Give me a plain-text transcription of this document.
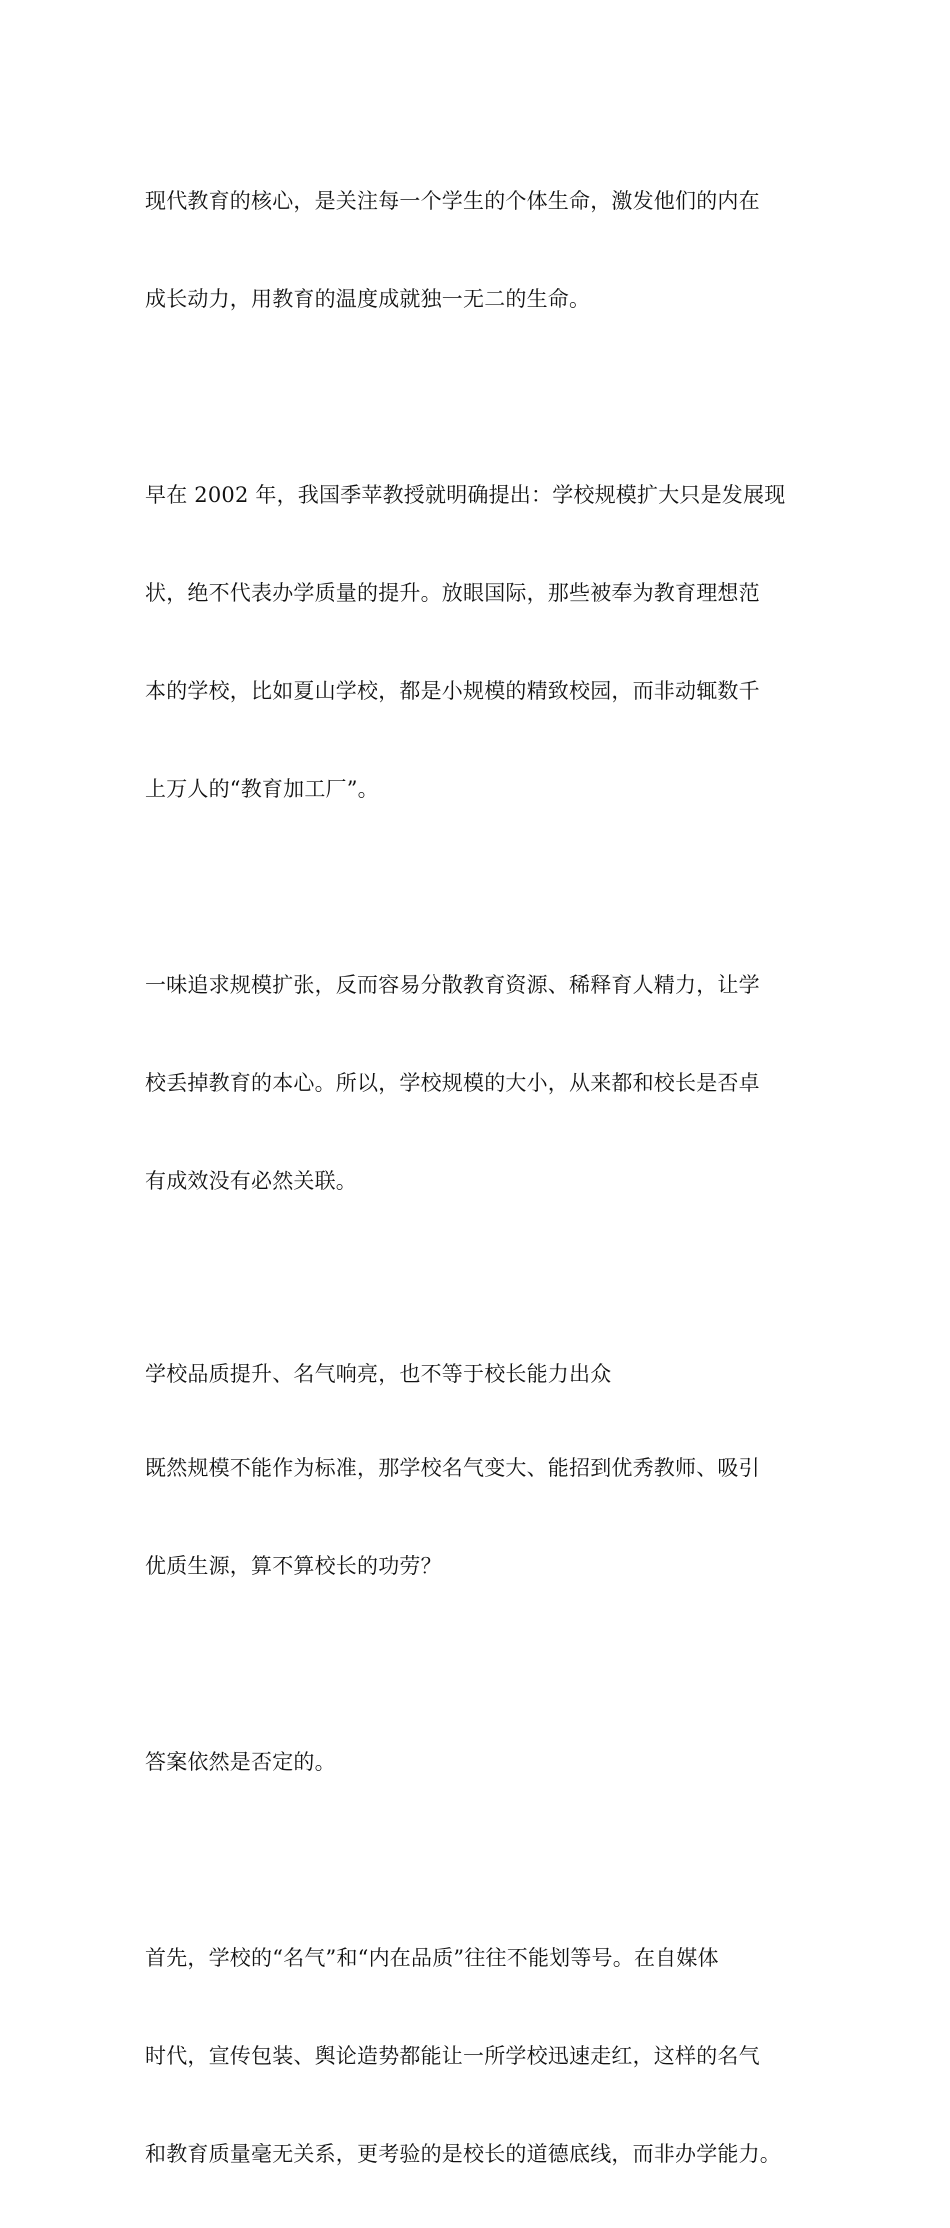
现代教育的核心，是关注每一个学生的个体生命，激发他们的内在

成长动力，用教育的温度成就独一无二的生命。

早在 2002 年，我国季苹教授就明确提出：学校规模扩大只是发展现

状，绝不代表办学质量的提升。放眼国际，那些被奉为教育理想范

本的学校，比如夏山学校，都是小规模的精致校园，而非动辄数千

上万人的“教育加工厂”。

一味追求规模扩张，反而容易分散教育资源、稀释育人精力，让学

校丢掉教育的本心。所以，学校规模的大小，从来都和校长是否卓

有成效没有必然关联。

学校品质提升、名气响亮，也不等于校长能力出众

既然规模不能作为标准，那学校名气变大、能招到优秀教师、吸引

优质生源，算不算校长的功劳？

答案依然是否定的。

首先，学校的“名气”和“内在品质”往往不能划等号。在自媒体

时代，宣传包装、舆论造势都能让一所学校迅速走红，这样的名气

和教育质量毫无关系，更考验的是校长的道德底线，而非办学能力。
